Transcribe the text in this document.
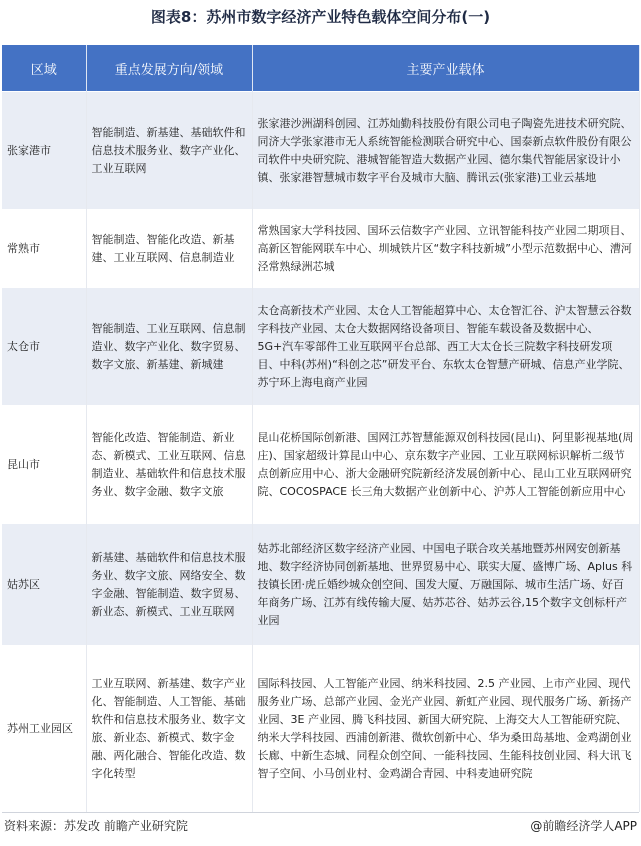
图表8：苏州市数字经济产业特色载体空间分布(一)
区域	重点发展方向/领域	主要产业载体
张家港市	智能制造、新基建、基础软件和信息技术服务业、数字产业化、工业互联网	张家港沙洲湖科创园、江苏灿勤科技股份有限公司电子陶瓷先进技术研究院、同济大学张家港市无人系统智能检测联合研究中心、国泰新点软件股份有限公司软件中央研究院、港城智能智造大数据产业园、德尔集代智能居家设计小镇、张家港智慧城市数字平台及城市大脑、腾讯云(张家港)工业云基地
常熟市	智能制造、智能化改造、新基建、工业互联网、信息制造业	常熟国家大学科技园、国环云信数字产业园、立讯智能科技产业园二期项目、高新区智能网联车中心、圳城铁片区“数字科技新城”小型示范数据中心、漕河泾常熟绿洲芯城
太仓市	智能制造、工业互联网、信息制造业、数字产业化、数字贸易、数字文旅、新基建、新城建	太仓高新技术产业园、太仓人工智能超算中心、太仓智汇谷、沪太智慧云谷数字科技产业园、太仓大数据网络设备项目、智能车载设备及数据中心、5G+汽车零部件工业互联网平台总部、西工大太仓长三院数字科技研发项目、中科(苏州)“科创之芯”研发平台、东软太仓智慧产研城、信息产业学院、苏宁环上海电商产业园
昆山市	智能化改造、智能制造、新业态、新模式、工业互联网、信息制造业、基础软件和信息技术服务业、数字金融、数字文旅	昆山花桥国际创新港、国网江苏智慧能源双创科技园(昆山)、阿里影视基地(周庄)、国家超级计算昆山中心、京东数字产业园、工业互联网标识解析二级节点创新应用中心、浙大金融研究院新经济发展创新中心、昆山工业互联网研究院、COCOSPACE 长三角大数据产业创新中心、沪苏人工智能创新应用中心
姑苏区	新基建、基础软件和信息技术服务业、数字文旅、网络安全、数字金融、智能制造、数字贸易、新业态、新模式、工业互联网	姑苏北部经济区数字经济产业园、中国电子联合攻关基地暨苏州网安创新基地、数字经济协同创新基地、世界贸易中心、联实大厦、盛博广场、Aplus 科技镇长团·虎丘婚纱城众创空间、国发大厦、万融国际、城市生活广场、好百年商务广场、江苏有线传输大厦、姑苏芯谷、姑苏云谷,15个数字文创标杆产业园
苏州工业园区	工业互联网、新基建、数字产业化、智能制造、人工智能、基础软件和信息技术服务业、数字文旅、新业态、新模式、数字金融、两化融合、智能化改造、数字化转型	国际科技园、人工智能产业园、纳米科技园、2.5 产业园、上市产业园、现代服务业广场、总部产业园、金光产业园、新虹产业园、现代服务广场、新扬产业园、3E 产业园、腾飞科技园、新国大研究院、上海交大人工智能研究院、纳米大学科技园、西浦创新港、微软创新中心、华为桑田岛基地、金鸡湖创业长廊、中新生态城、同程众创空间、一能科技园、生能科技创业园、科大讯飞智子空间、小马创业村、金鸡湖合青园、中科麦迪研究院
资料来源：苏发改 前瞻产业研究院	@前瞻经济学人APP
